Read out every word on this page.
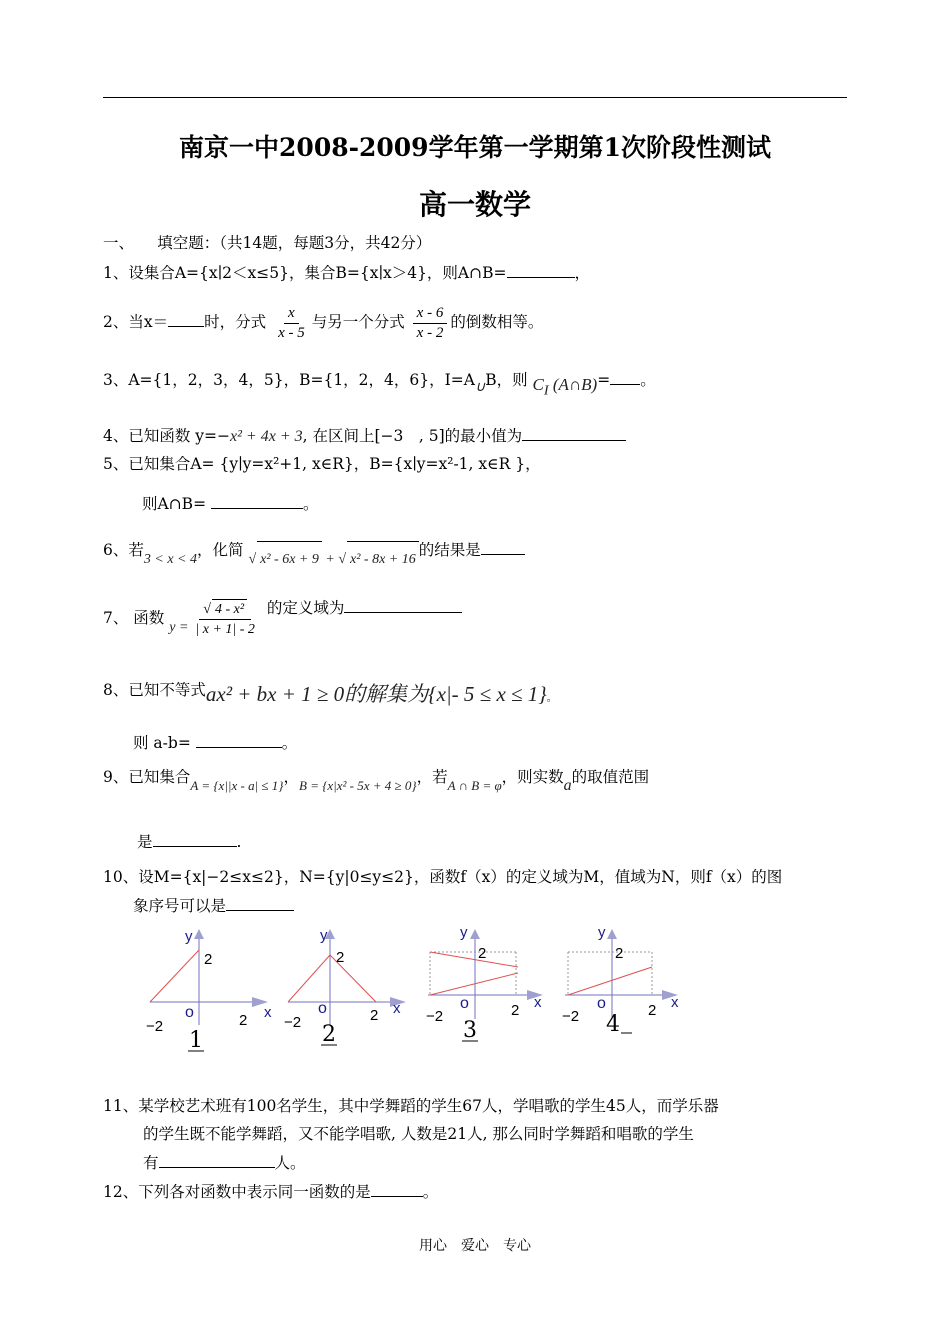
南京一中2008-2009学年第一学期第1次阶段性测试
高一数学
一、　　填空题：（共14题，每题3分，共42分）
1、设集合A={x∣2＜x≤5}，集合B={x∣x＞4}，则A∩B=	，
2、当x＝ 时，分式 $\frac{x}{x - 5}$ 与另一个分式 $\frac{x - 6}{x - 2}$ 的倒数相等。
3、A={1，2，3，4，5}，B={1，2，4，6}，I=A∪B，则 $C_I$ (A∩B)= 。
4、已知函数 y=−x² + 4x + 3, 在区间上[−3　, 5]的最小值为
5、已知集合A= {y∣y=x²+1, x∈R}，B={x∣y=x²-1, x∈R }，
则A∩B=	。
6、若3 < x < 4，化简 √ x² - 6x + 9 + √ x² - 8x + 16的结果是
7、 函数 $y = \frac{\text{√ 4 - x²}}{| x + 1| - 2}$ 的定义域为
8、已知不等式ax² + bx + 1 ≥ 0的解集为{x|- 5 ≤ x ≤ 1}。
则 a-b=	。
9、已知集合$_{A = \{x||x - a| \le 1\}}$，$_{B = \{x|x^2 - 5x + 4 \ge 0\}}$，若$_{A \cap B = \varphi}$，则实数a的取值范围
是	.
10、设M={x|−2≤x≤2}，N={y|0≤y≤2}，函数f（x）的定义域为M，值域为N，则f（x）的图
象序号可以是
y
2
o
−2	2 x
1
y
2
o
−2	2 x
2
y
2
o
−2	2 x
3
y
2
o
−2	2 x
4
11、某学校艺术班有100名学生，其中学舞蹈的学生67人，学唱歌的学生45人，而学乐器
的学生既不能学舞蹈，又不能学唱歌, 人数是21人, 那么同时学舞蹈和唱歌的学生
有	人。
12、下列各对函数中表示同一函数的是	。
用心　爱心　专心
